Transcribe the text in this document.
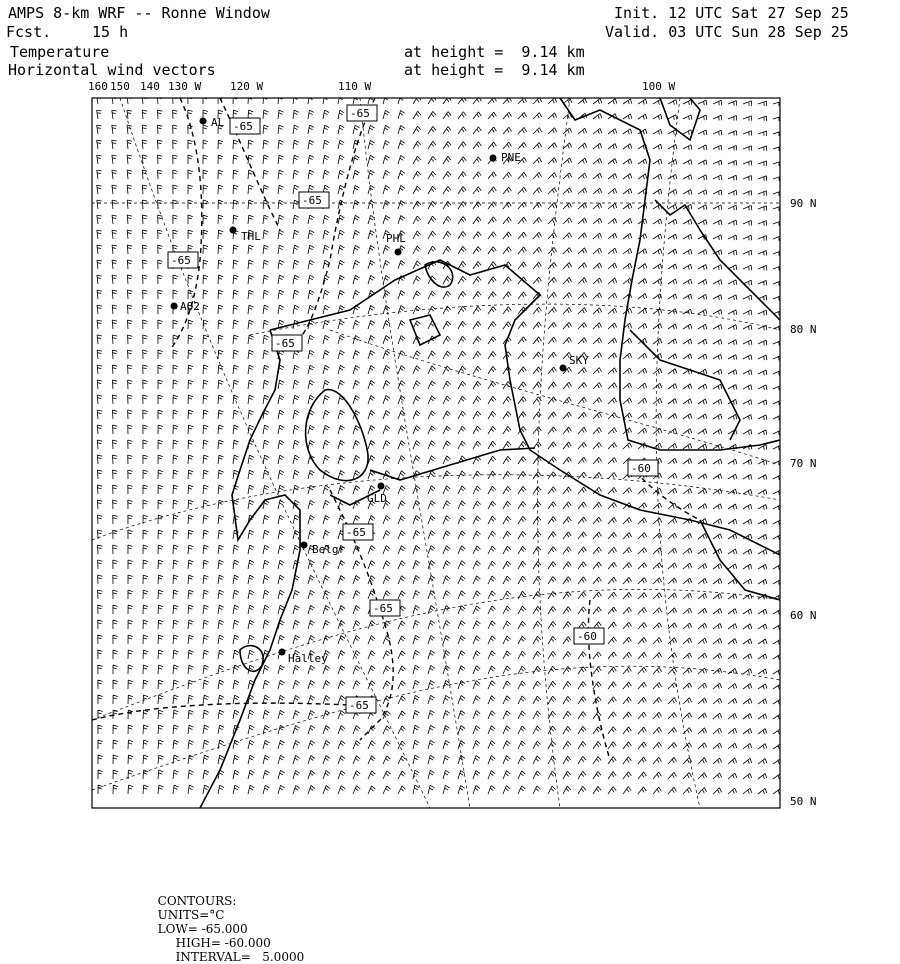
AMPS 8-km WRF -- Ronne Window
Fcst.	15 h
Init. 12 UTC Sat 27 Sep 25
Valid. 03 UTC Sun 28 Sep 25
Temperature
Horizontal wind vectors
at height =  9.14 km
at height =  9.14 km
-65
-65
-65
-65
-65
-60
-65
-65
-60
-65
AL
PNE
THL	PHL
AO2
SKY
GLD
Belgr
Halley
160 150 140 130 W	120 W	110 W	100 W
90 N
80 N
70 N
60 N
50 N

CONTOURS:
UNITS=°C
LOW= -65.000
HIGH= -60.000
INTERVAL=   5.0000
